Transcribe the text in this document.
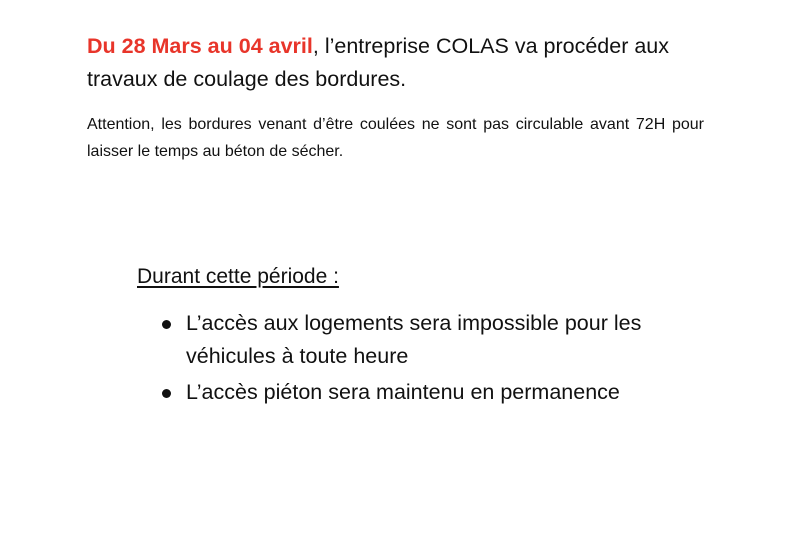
Du 28 Mars au 04 avril, l’entreprise COLAS va procéder aux travaux de coulage des bordures.

Attention, les bordures venant d’être coulées ne sont pas circulable avant 72H pour laisser le temps au béton de sécher.

Durant cette période :

L’accès aux logements sera impossible pour les véhicules à toute heure
L’accès piéton sera maintenu en permanence
